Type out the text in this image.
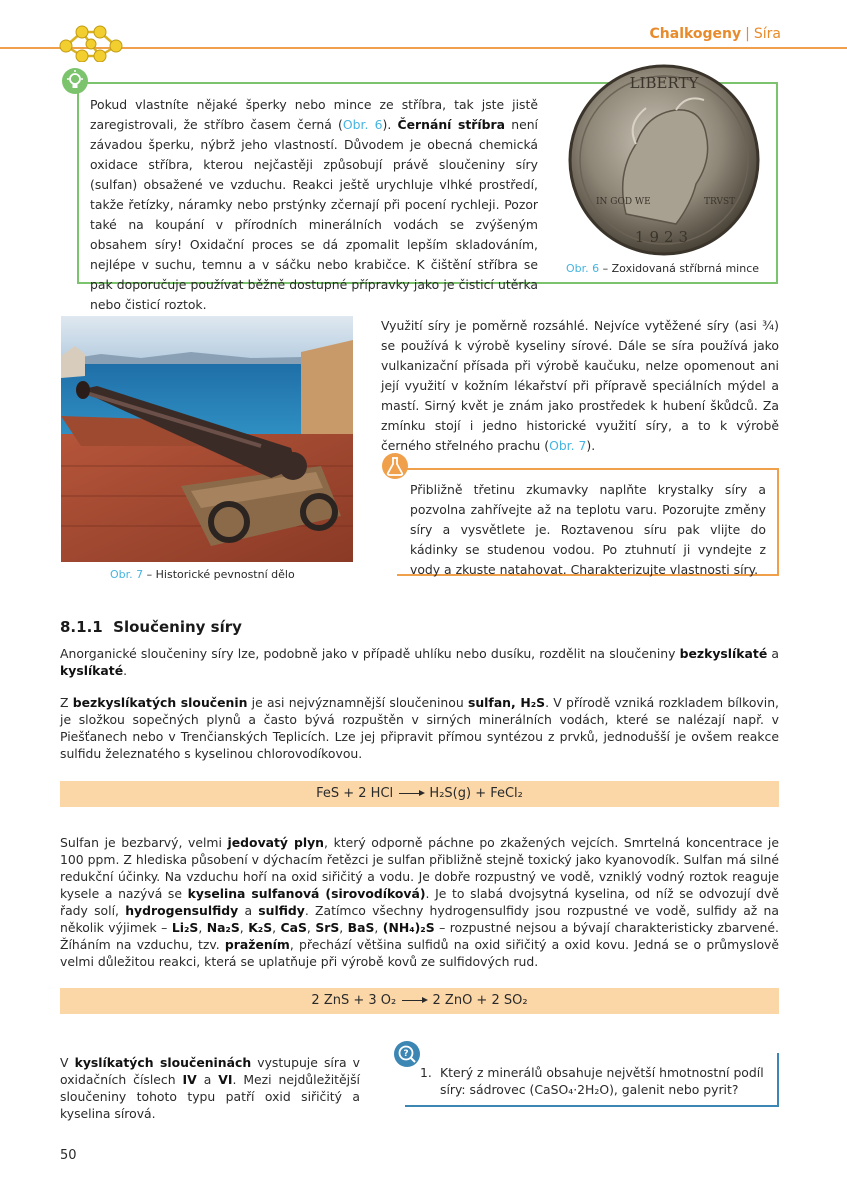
Chalkogeny | Síra
Pokud vlastníte nějaké šperky nebo mince ze stříbra, tak jste jistě zaregistrovali, že stříbro časem černá (Obr. 6). Černání stříbra není závadou šperku, nýbrž jeho vlastností. Důvodem je obecná chemická oxidace stříbra, kterou nejčastěji způsobují právě sloučeniny síry (sulfan) obsažené ve vzduchu. Reakci ještě urychluje vlhké prostředí, takže řetízky, náramky nebo prstýnky zčernají při pocení rychleji. Pozor také na koupání v přírodních minerálních vodách se zvýšeným obsahem síry! Oxidační proces se dá zpomalit lepším skladováním, nejlépe v suchu, temnu a v sáčku nebo krabičce. K čištění stříbra se pak doporučuje používat běžně dostupné přípravky jako je čisticí utěrka nebo čisticí roztok.
LIBERTY
IN GOD WE	TRVST
1923
Obr. 6 – Zoxidovaná stříbrná mince
Obr. 7 – Historické pevnostní dělo
Využití síry je poměrně rozsáhlé. Nejvíce vytěžené síry (asi ¾) se používá k výrobě kyseliny sírové. Dále se síra používá jako vulkanizační přísada při výrobě kaučuku, nelze opomenout ani její využití v kožním lékařství při přípravě speciálních mýdel a mastí. Sirný květ je znám jako prostředek k hubení škůdců. Za zmínku stojí i jedno historické využití síry, a to k výrobě černého střelného prachu (Obr. 7).
Přibližně třetinu zkumavky naplňte krystalky síry a pozvolna zahřívejte až na teplotu varu. Pozorujte změny síry a vysvětlete je. Roztavenou síru pak vlijte do kádinky se studenou vodou. Po ztuhnutí ji vyndejte z vody a zkuste natahovat. Charakterizujte vlastnosti síry.
8.1.1 Sloučeniny síry
Anorganické sloučeniny síry lze, podobně jako v případě uhlíku nebo dusíku, rozdělit na sloučeniny bezkyslíkaté a kyslíkaté.
Z bezkyslíkatých sloučenin je asi nejvýznamnější sloučeninou sulfan, H₂S. V přírodě vzniká rozkladem bílkovin, je složkou sopečných plynů a často bývá rozpuštěn v sirných minerálních vodách, které se nalézají např. v Piešťanech nebo v Trenčianských Teplicích. Lze jej připravit přímou syntézou z prvků, jednodušší je ovšem reakce sulfidu železnatého s kyselinou chlorovodíkovou.
FeS + 2 HCl → H₂S(g) + FeCl₂
Sulfan je bezbarvý, velmi jedovatý plyn, který odporně páchne po zkažených vejcích. Smrtelná koncentrace je 100 ppm. Z hlediska působení v dýchacím řetězci je sulfan přibližně stejně toxický jako kyanovodík. Sulfan má silné redukční účinky. Na vzduchu hoří na oxid siřičitý a vodu. Je dobře rozpustný ve vodě, vzniklý vodný roztok reaguje kysele a nazývá se kyselina sulfanová (sirovodíková). Je to slabá dvojsytná kyselina, od níž se odvozují dvě řady solí, hydrogensulfidy a sulfidy. Zatímco všechny hydrogensulfidy jsou rozpustné ve vodě, sulfidy až na několik výjimek – Li₂S, Na₂S, K₂S, CaS, SrS, BaS, (NH₄)₂S – rozpustné nejsou a bývají charakteristicky zbarvené. Žíháním na vzduchu, tzv. pražením, přechází většina sulfidů na oxid siřičitý a oxid kovu. Jedná se o průmyslově velmi důležitou reakci, která se uplatňuje při výrobě kovů ze sulfidových rud.
2 ZnS + 3 O₂ → 2 ZnO + 2 SO₂
V kyslíkatých sloučeninách vystupuje síra v oxidačních číslech IV a VI. Mezi nejdůležitější sloučeniny tohoto typu patří oxid siřičitý a kyselina sírová.
?
1. Který z minerálů obsahuje největší hmotnostní podíl síry: sádrovec (CaSO₄·2H₂O), galenit nebo pyrit?
50
